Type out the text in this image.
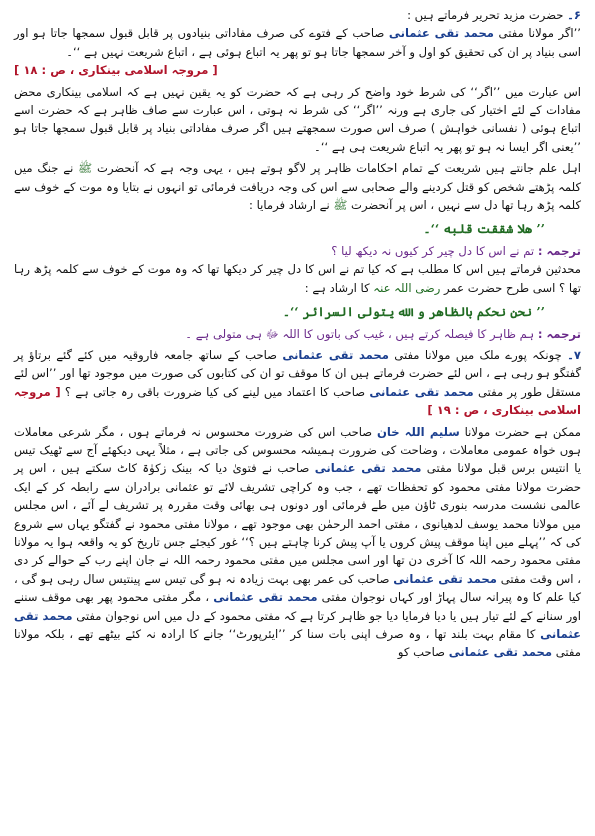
۶۔ حضرت مزید تحریر فرماتے ہیں :

’’اگر مولانا مفتی محمد تقی عثمانی صاحب کے فتوے کی صرف مفاداتی بنیادوں پر قابل قبول سمجھا جاتا ہو اور اسی بنیاد پر ان کی تحقیق کو اول و آخر سمجھا جاتا ہو تو پھر یہ اتباع ہوئی ہے ، اتباع شریعت نہیں ہے ‘‘۔

[ مروجہ اسلامی بینکاری ، ص : ۱۸ ]

اس عبارت میں ’’اگر‘‘ کی شرط خود واضح کر رہی ہے کہ حضرت کو یہ یقین نہیں ہے کہ اسلامی بینکاری محض مفادات کے لئے اختیار کی جاری ہے ورنہ ’’اگر‘‘ کی شرط نہ ہوتی ، اس عبارت سے صاف ظاہر ہے کہ حضرت اسے اتباع ہوئی ( نفسانی خواہش ) صرف اس صورت سمجھتے ہیں اگر صرف مفاداتی بنیاد پر قابل قبول سمجھا جاتا ہو ’’یعنی اگر ایسا نہ ہو تو پھر یہ اتباع شریعت ہی ہے ‘‘۔

اہل علم جانتے ہیں شریعت کے تمام احکامات ظاہر پر لاگو ہوتے ہیں ، یہی وجہ ہے کہ آنحضرت ﷺ نے جنگ میں کلمہ پڑھتے شخص کو قتل کردینے والے صحابی سے اس کی وجہ دریافت فرمائی تو انہوں نے بتایا وہ موت کے خوف سے کلمہ پڑھ رہا تھا دل سے نہیں ، اس پر آنحضرت ﷺ نے ارشاد فرمایا :

’’ ھلا شققت قلبه ‘‘۔

ترجمہ : تم نے اس کا دل چیر کر کیوں نہ دیکھ لیا ؟

محدثین فرماتے ہیں اس کا مطلب ہے کہ کیا تم نے اس کا دل چیر کر دیکھا تھا کہ وہ موت کے خوف سے کلمہ پڑھ رہا تھا ؟ اسی طرح حضرت عمر رضی اللہ عنہ کا ارشاد ہے :

’’ نحن نحكم بالظاهر و الله يتولى السرائر ‘‘۔

ترجمہ : ہم ظاہر کا فیصلہ کرتے ہیں ، غیب کی باتوں کا اللہ ﷻ ہی متولی ہے ۔

۷۔ چونکہ پورے ملک میں مولانا مفتی محمد تقی عثمانی صاحب کے ساتھ جامعہ فاروقیہ میں کئے گئے برتاؤ پر گفتگو ہو رہی ہے ، اس لئے حضرت فرماتے ہیں ان کا موقف تو ان کی کتابوں کی صورت میں موجود تھا اور ’’اس لئے مستقل طور پر مفتی محمد تقی عثمانی صاحب کا اعتماد میں لینے کی کیا ضرورت باقی رہ جاتی ہے ؟ [ مروجہ اسلامی بینکاری ، ص : ۱۹ ]

ممکن ہے حضرت مولانا سلیم اللہ خان صاحب اس کی ضرورت محسوس نہ فرماتے ہوں ، مگر شرعی معاملات ہوں خواہ عمومی معاملات ، وضاحت کی ضرورت ہمیشہ محسوس کی جاتی ہے ، مثلاً یہی دیکھئے آج سے ٹھیک تیس یا انتیس برس قبل مولانا مفتی محمد تقی عثمانی صاحب نے فتویٰ دیا کہ بینک زکوٰۃ کاٹ سکتے ہیں ، اس پر حضرت مولانا مفتی محمود کو تحفظات تھے ، جب وہ کراچی تشریف لائے تو عثمانی برادران سے رابطہ کر کے ایک عالمی نشست مدرسہ بنوری ٹاؤن میں طے فرمائی اور دونوں ہی بھائی وقت مقررہ پر تشریف لے آئے ، اس مجلس میں مولانا محمد یوسف لدھیانوی ، مفتی احمد الرحمٰن بھی موجود تھے ، مولانا مفتی محمود نے گفتگو یہاں سے شروع کی کہ ’’پہلے میں اپنا موقف پیش کروں یا آپ پیش کرنا چاہتے ہیں ؟‘‘ غور کیجئے جس تاریخ کو یہ واقعہ ہوا یہ مولانا مفتی محمود رحمہ اللہ کا آخری دن تھا اور اسی مجلس میں مفتی محمود رحمہ اللہ نے جان اپنے رب کے حوالے کر دی ، اس وقت مفتی محمد تقی عثمانی صاحب کی عمر بھی بہت زیادہ نہ ہو گی تیس سے پینتیس سال رہی ہو گی ، کیا علم کا وہ پیرانہ سال پہاڑ اور کہاں نوجوان مفتی محمد تقی عثمانی ، مگر مفتی محمود پھر بھی موقف سننے اور سنانے کے لئے تیار ہیں یا دیا فرمایا دیا جو ظاہر کرتا ہے کہ مفتی محمود کے دل میں اس نوجوان مفتی محمد تقی عثمانی کا مقام بہت بلند تھا ، وہ صرف اپنی بات سنا کر ’’ایئرپورٹ‘‘ جانے کا ارادہ نہ کئے بیٹھے تھے ، بلکہ مولانا مفتی محمد تقی عثمانی صاحب کو
